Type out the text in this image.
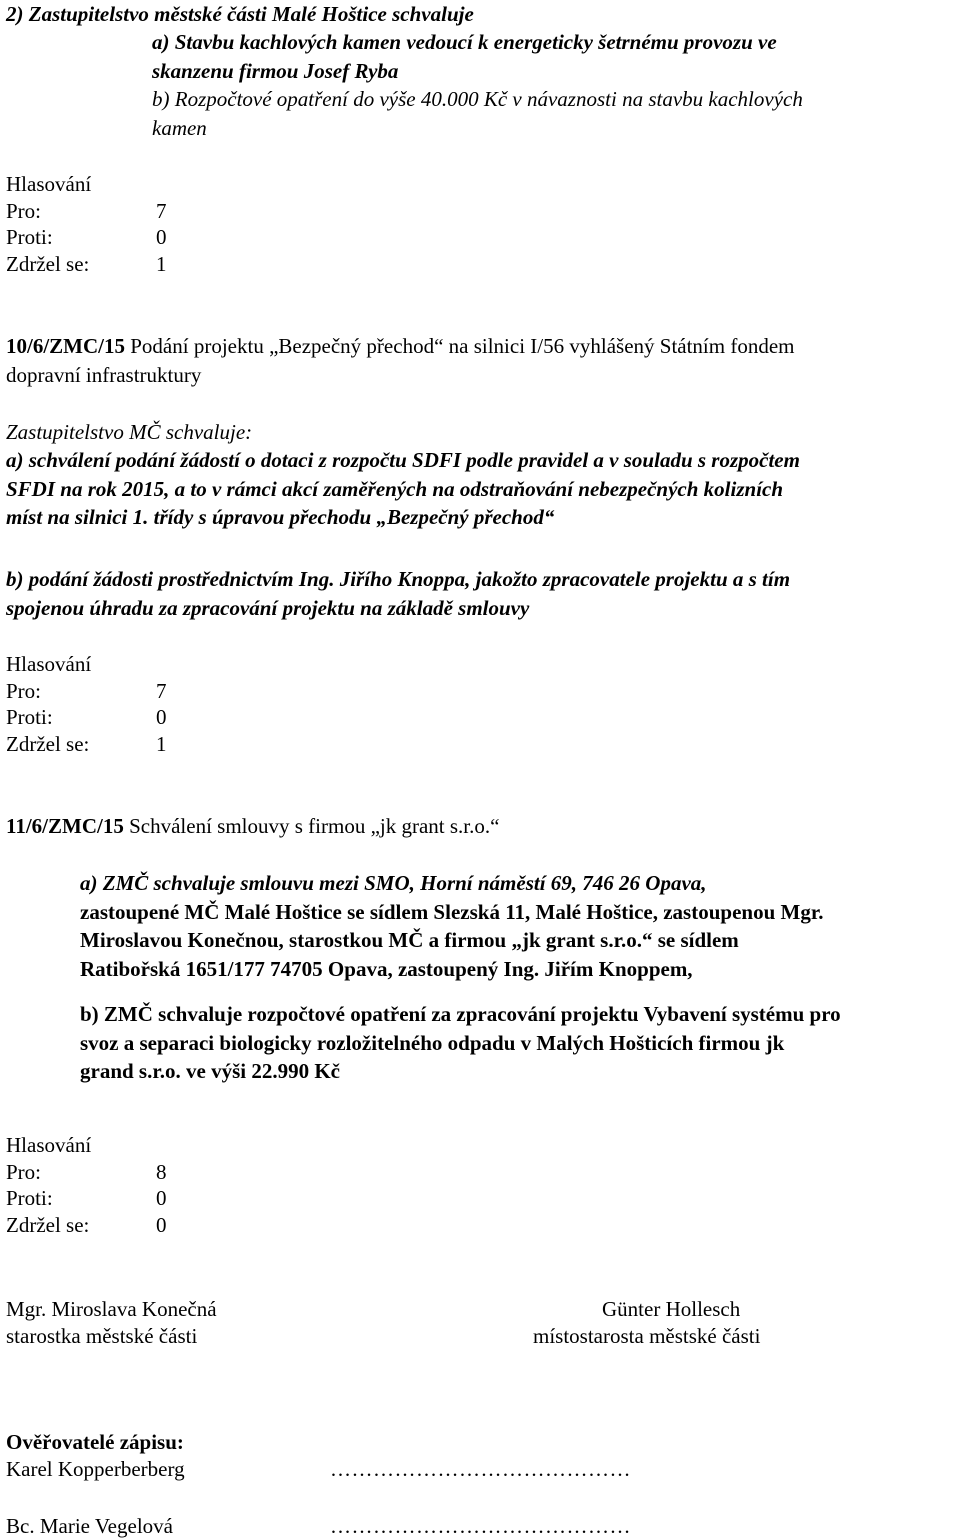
2) Zastupitelstvo městské části Malé Hoštice schvaluje
a) Stavbu kachlových kamen vedoucí k energeticky šetrnému provozu ve
skanzenu firmou Josef Ryba
b) Rozpočtové opatření do výše 40.000 Kč v návaznosti na stavbu kachlových
kamen
Hlasování
Pro:	7
Proti:	0
Zdržel se:	1
10/6/ZMC/15 Podání projektu „Bezpečný přechod“ na silnici I/56 vyhlášený Státním fondem
dopravní infrastruktury
Zastupitelstvo MČ schvaluje:
a) schválení podání žádostí o dotaci z rozpočtu SDFI podle pravidel a v souladu s rozpočtem
SFDI na rok 2015, a to v rámci akcí zaměřených na odstraňování nebezpečných kolizních
míst na silnici 1. třídy s úpravou přechodu „Bezpečný přechod“
b) podání žádosti prostřednictvím Ing. Jiřího Knoppa, jakožto zpracovatele projektu a s tím
spojenou úhradu za zpracování projektu na základě smlouvy
Hlasování
Pro:	7
Proti:	0
Zdržel se:	1
11/6/ZMC/15 Schválení smlouvy s firmou „jk grant s.r.o.“
a) ZMČ schvaluje smlouvu mezi SMO, Horní náměstí 69, 746 26 Opava,
zastoupené MČ Malé Hoštice se sídlem Slezská 11, Malé Hoštice, zastoupenou Mgr.
Miroslavou Konečnou, starostkou MČ a firmou „jk grant s.r.o.“ se sídlem
Ratibořská 1651/177 74705 Opava, zastoupený Ing. Jiřím Knoppem,
b) ZMČ schvaluje rozpočtové opatření za zpracování projektu Vybavení systému pro
svoz a separaci biologicky rozložitelného odpadu v Malých Hošticích firmou jk
grand s.r.o. ve výši 22.990 Kč
Hlasování
Pro:	8
Proti:	0
Zdržel se:	0
Mgr. Miroslava Konečná
starostka městské části
Günter Hollesch
místostarosta městské části
Ověřovatelé zápisu:
Karel Kopperberberg	……………………………………
Bc. Marie Vegelová	……………………………………
